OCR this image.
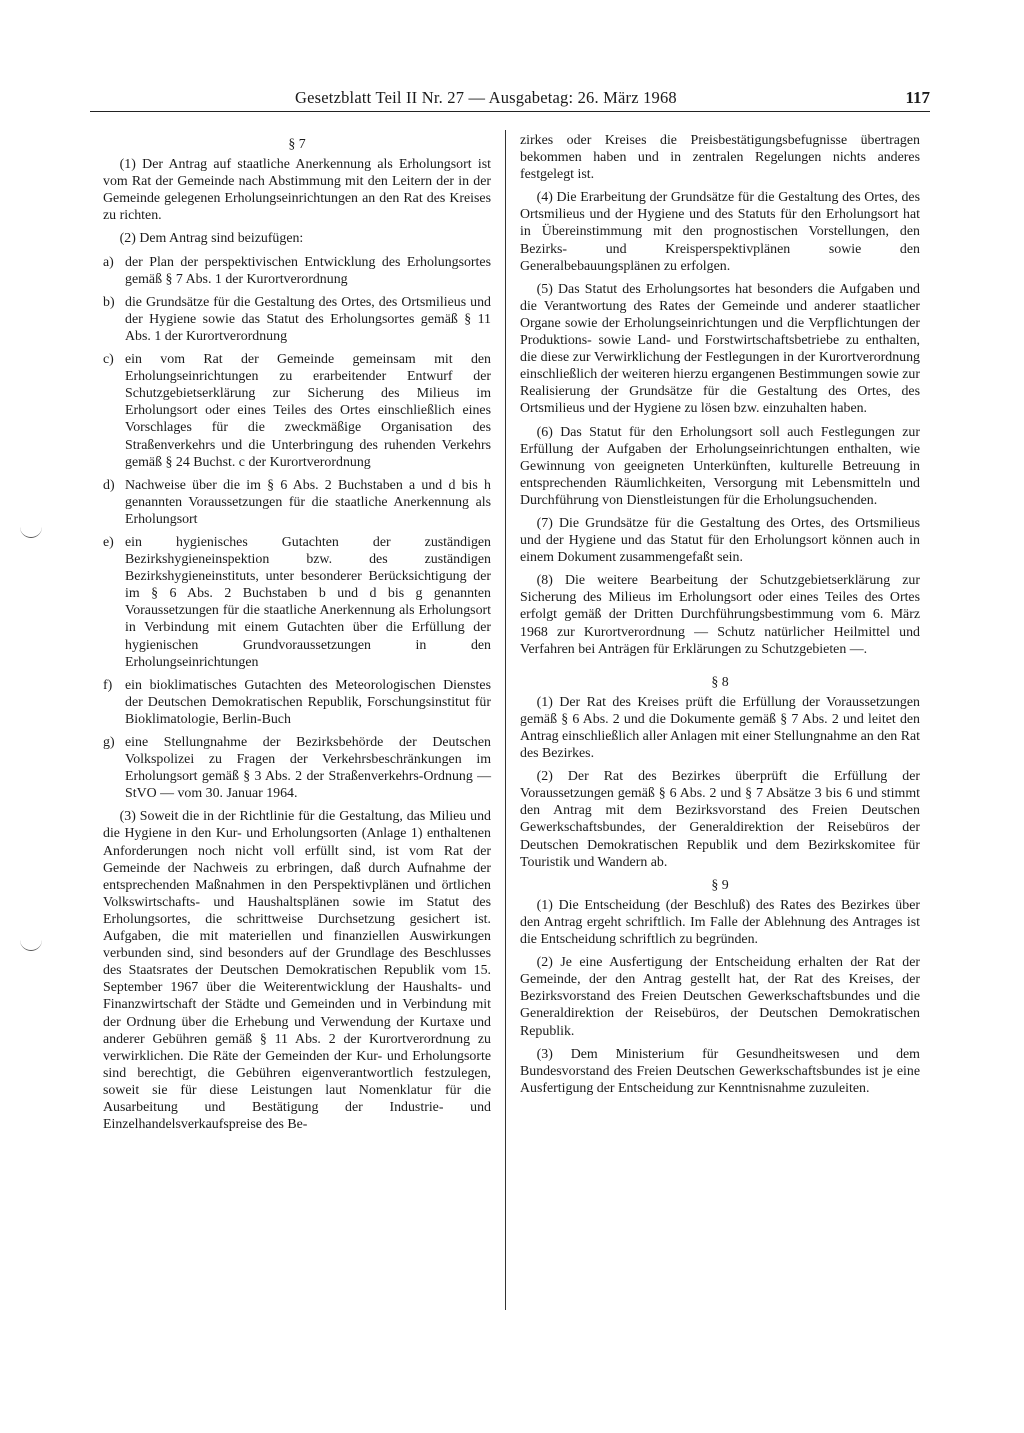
Gesetzblatt Teil II Nr. 27 — Ausgabetag: 26. März 1968	117

§ 7

(1) Der Antrag auf staatliche Anerkennung als Erholungsort ist vom Rat der Gemeinde nach Abstimmung mit den Leitern der in der Gemeinde gelegenen Erholungseinrichtungen an den Rat des Kreises zu richten.

(2) Dem Antrag sind beizufügen:

a) der Plan der perspektivischen Entwicklung des Erholungsortes gemäß § 7 Abs. 1 der Kurortverordnung
b) die Grundsätze für die Gestaltung des Ortes, des Ortsmilieus und der Hygiene sowie das Statut des Erholungsortes gemäß § 11 Abs. 1 der Kurortverordnung
c) ein vom Rat der Gemeinde gemeinsam mit den Erholungseinrichtungen zu erarbeitender Entwurf der Schutzgebietserklärung zur Sicherung des Milieus im Erholungsort oder eines Teiles des Ortes einschließlich eines Vorschlages für die zweckmäßige Organisation des Straßenverkehrs und die Unterbringung des ruhenden Verkehrs gemäß § 24 Buchst. c der Kurortverordnung
d) Nachweise über die im § 6 Abs. 2 Buchstaben a und d bis h genannten Voraussetzungen für die staatliche Anerkennung als Erholungsort
e) ein hygienisches Gutachten der zuständigen Bezirkshygieneinspektion bzw. des zuständigen Bezirkshygieneinstituts, unter besonderer Berücksichtigung der im § 6 Abs. 2 Buchstaben b und d bis g genannten Voraussetzungen für die staatliche Anerkennung als Erholungsort in Verbindung mit einem Gutachten über die Erfüllung der hygienischen Grundvoraussetzungen in den Erholungseinrichtungen
f) ein bioklimatisches Gutachten des Meteorologischen Dienstes der Deutschen Demokratischen Republik, Forschungsinstitut für Bioklimatologie, Berlin-Buch
g) eine Stellungnahme der Bezirksbehörde der Deutschen Volkspolizei zu Fragen der Verkehrsbeschränkungen im Erholungsort gemäß § 3 Abs. 2 der Straßenverkehrs-Ordnung — StVO — vom 30. Januar 1964.

(3) Soweit die in der Richtlinie für die Gestaltung, das Milieu und die Hygiene in den Kur- und Erholungsorten (Anlage 1) enthaltenen Anforderungen noch nicht voll erfüllt sind, ist vom Rat der Gemeinde der Nachweis zu erbringen, daß durch Aufnahme der entsprechenden Maßnahmen in den Perspektivplänen und örtlichen Volkswirtschafts- und Haushaltsplänen sowie im Statut des Erholungsortes, die schrittweise Durchsetzung gesichert ist. Aufgaben, die mit materiellen und finanziellen Auswirkungen verbunden sind, sind besonders auf der Grundlage des Beschlusses des Staatsrates der Deutschen Demokratischen Republik vom 15. September 1967 über die Weiterentwicklung der Haushalts- und Finanzwirtschaft der Städte und Gemeinden und in Verbindung mit der Ordnung über die Erhebung und Verwendung der Kurtaxe und anderer Gebühren gemäß § 11 Abs. 2 der Kurortverordnung zu verwirklichen. Die Räte der Gemeinden der Kur- und Erholungsorte sind berechtigt, die Gebühren eigenverantwortlich festzulegen, soweit sie für diese Leistungen laut Nomenklatur für die Ausarbeitung und Bestätigung der Industrie- und Einzelhandelsverkaufspreise des Be-

zirkes oder Kreises die Preisbestätigungsbefugnisse übertragen bekommen haben und in zentralen Regelungen nichts anderes festgelegt ist.

(4) Die Erarbeitung der Grundsätze für die Gestaltung des Ortes, des Ortsmilieus und der Hygiene und des Statuts für den Erholungsort hat in Übereinstimmung mit den prognostischen Vorstellungen, den Bezirks- und Kreisperspektivplänen sowie den Generalbebauungsplänen zu erfolgen.

(5) Das Statut des Erholungsortes hat besonders die Aufgaben und die Verantwortung des Rates der Gemeinde und anderer staatlicher Organe sowie der Erholungseinrichtungen und die Verpflichtungen der Produktions- sowie Land- und Forstwirtschaftsbetriebe zu enthalten, die diese zur Verwirklichung der Festlegungen in der Kurortverordnung einschließlich der weiteren hierzu ergangenen Bestimmungen sowie zur Realisierung der Grundsätze für die Gestaltung des Ortes, des Ortsmilieus und der Hygiene zu lösen bzw. einzuhalten haben.

(6) Das Statut für den Erholungsort soll auch Festlegungen zur Erfüllung der Aufgaben der Erholungseinrichtungen enthalten, wie Gewinnung von geeigneten Unterkünften, kulturelle Betreuung in entsprechenden Räumlichkeiten, Versorgung mit Lebensmitteln und Durchführung von Dienstleistungen für die Erholungsuchenden.

(7) Die Grundsätze für die Gestaltung des Ortes, des Ortsmilieus und der Hygiene und das Statut für den Erholungsort können auch in einem Dokument zusammengefaßt sein.

(8) Die weitere Bearbeitung der Schutzgebietserklärung zur Sicherung des Milieus im Erholungsort oder eines Teiles des Ortes erfolgt gemäß der Dritten Durchführungsbestimmung vom 6. März 1968 zur Kurortverordnung — Schutz natürlicher Heilmittel und Verfahren bei Anträgen für Erklärungen zu Schutzgebieten —.

§ 8

(1) Der Rat des Kreises prüft die Erfüllung der Voraussetzungen gemäß § 6 Abs. 2 und die Dokumente gemäß § 7 Abs. 2 und leitet den Antrag einschließlich aller Anlagen mit einer Stellungnahme an den Rat des Bezirkes.

(2) Der Rat des Bezirkes überprüft die Erfüllung der Voraussetzungen gemäß § 6 Abs. 2 und § 7 Absätze 3 bis 6 und stimmt den Antrag mit dem Bezirksvorstand des Freien Deutschen Gewerkschaftsbundes, der Generaldirektion der Reisebüros der Deutschen Demokratischen Republik und dem Bezirkskomitee für Touristik und Wandern ab.

§ 9

(1) Die Entscheidung (der Beschluß) des Rates des Bezirkes über den Antrag ergeht schriftlich. Im Falle der Ablehnung des Antrages ist die Entscheidung schriftlich zu begründen.

(2) Je eine Ausfertigung der Entscheidung erhalten der Rat der Gemeinde, der den Antrag gestellt hat, der Rat des Kreises, der Bezirksvorstand des Freien Deutschen Gewerkschaftsbundes und die Generaldirektion der Reisebüros, der Deutschen Demokratischen Republik.

(3) Dem Ministerium für Gesundheitswesen und dem Bundesvorstand des Freien Deutschen Gewerkschaftsbundes ist je eine Ausfertigung der Entscheidung zur Kenntnisnahme zuzuleiten.
